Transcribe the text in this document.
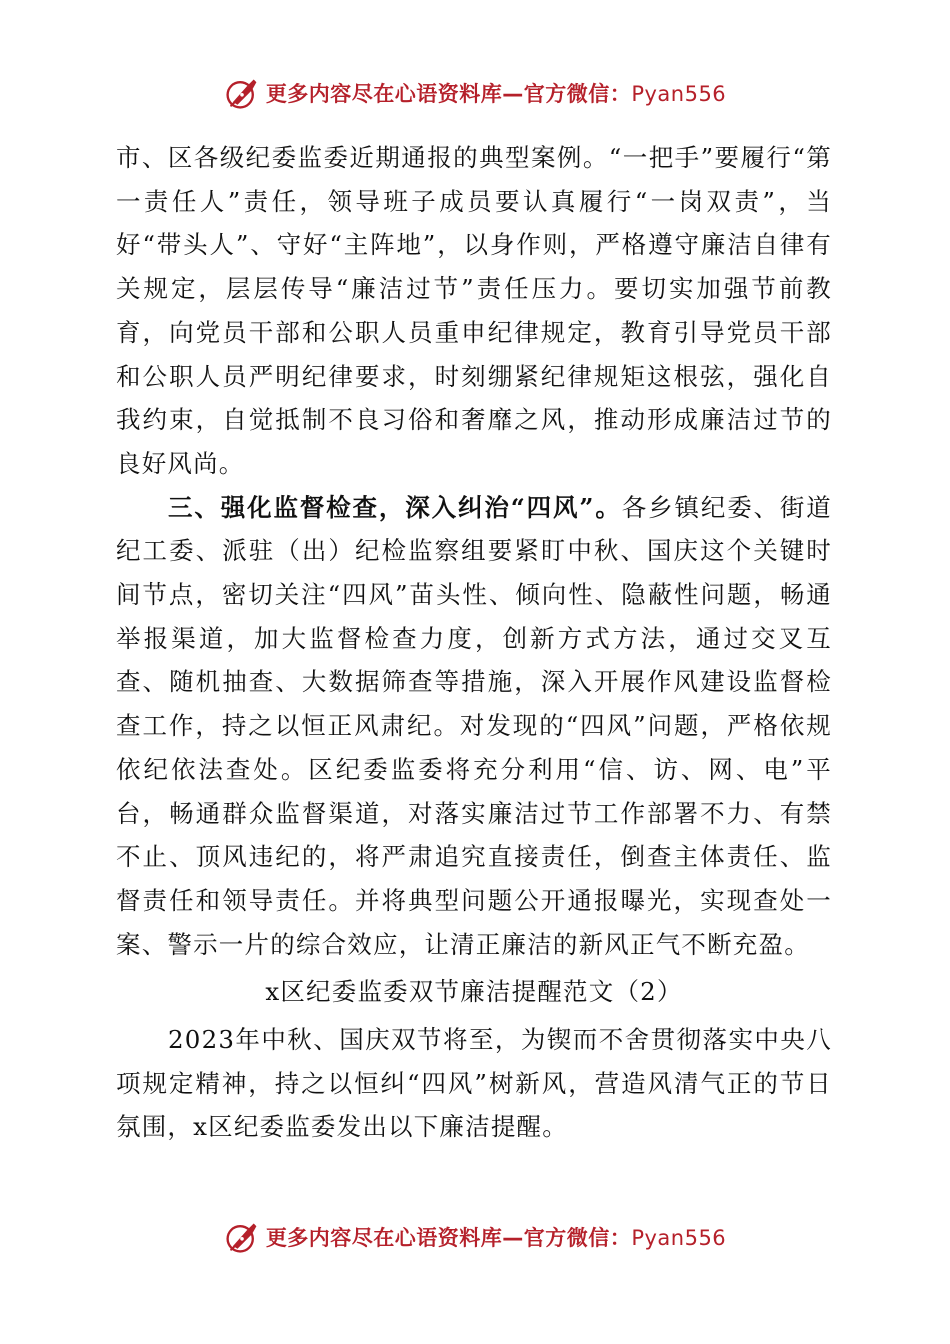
更多内容尽在心语资料库—官方微信：Pyan556

市、区各级纪委监委近期通报的典型案例。“一把手”要履行“第一责任人”责任，领导班子成员要认真履行“一岗双责”，当好“带头人”、守好“主阵地”，以身作则，严格遵守廉洁自律有关规定，层层传导“廉洁过节”责任压力。要切实加强节前教育，向党员干部和公职人员重申纪律规定，教育引导党员干部和公职人员严明纪律要求，时刻绷紧纪律规矩这根弦，强化自我约束，自觉抵制不良习俗和奢靡之风，推动形成廉洁过节的良好风尚。

三、强化监督检查，深入纠治“四风”。各乡镇纪委、街道纪工委、派驻（出）纪检监察组要紧盯中秋、国庆这个关键时间节点，密切关注“四风”苗头性、倾向性、隐蔽性问题，畅通举报渠道，加大监督检查力度，创新方式方法，通过交叉互查、随机抽查、大数据筛查等措施，深入开展作风建设监督检查工作，持之以恒正风肃纪。对发现的“四风”问题，严格依规依纪依法查处。区纪委监委将充分利用“信、访、网、电”平台，畅通群众监督渠道，对落实廉洁过节工作部署不力、有禁不止、顶风违纪的，将严肃追究直接责任，倒查主体责任、监督责任和领导责任。并将典型问题公开通报曝光，实现查处一案、警示一片的综合效应，让清正廉洁的新风正气不断充盈。

x区纪委监委双节廉洁提醒范文（2）

2023年中秋、国庆双节将至，为锲而不舍贯彻落实中央八项规定精神，持之以恒纠“四风”树新风，营造风清气正的节日氛围，x区纪委监委发出以下廉洁提醒。

更多内容尽在心语资料库—官方微信：Pyan556
